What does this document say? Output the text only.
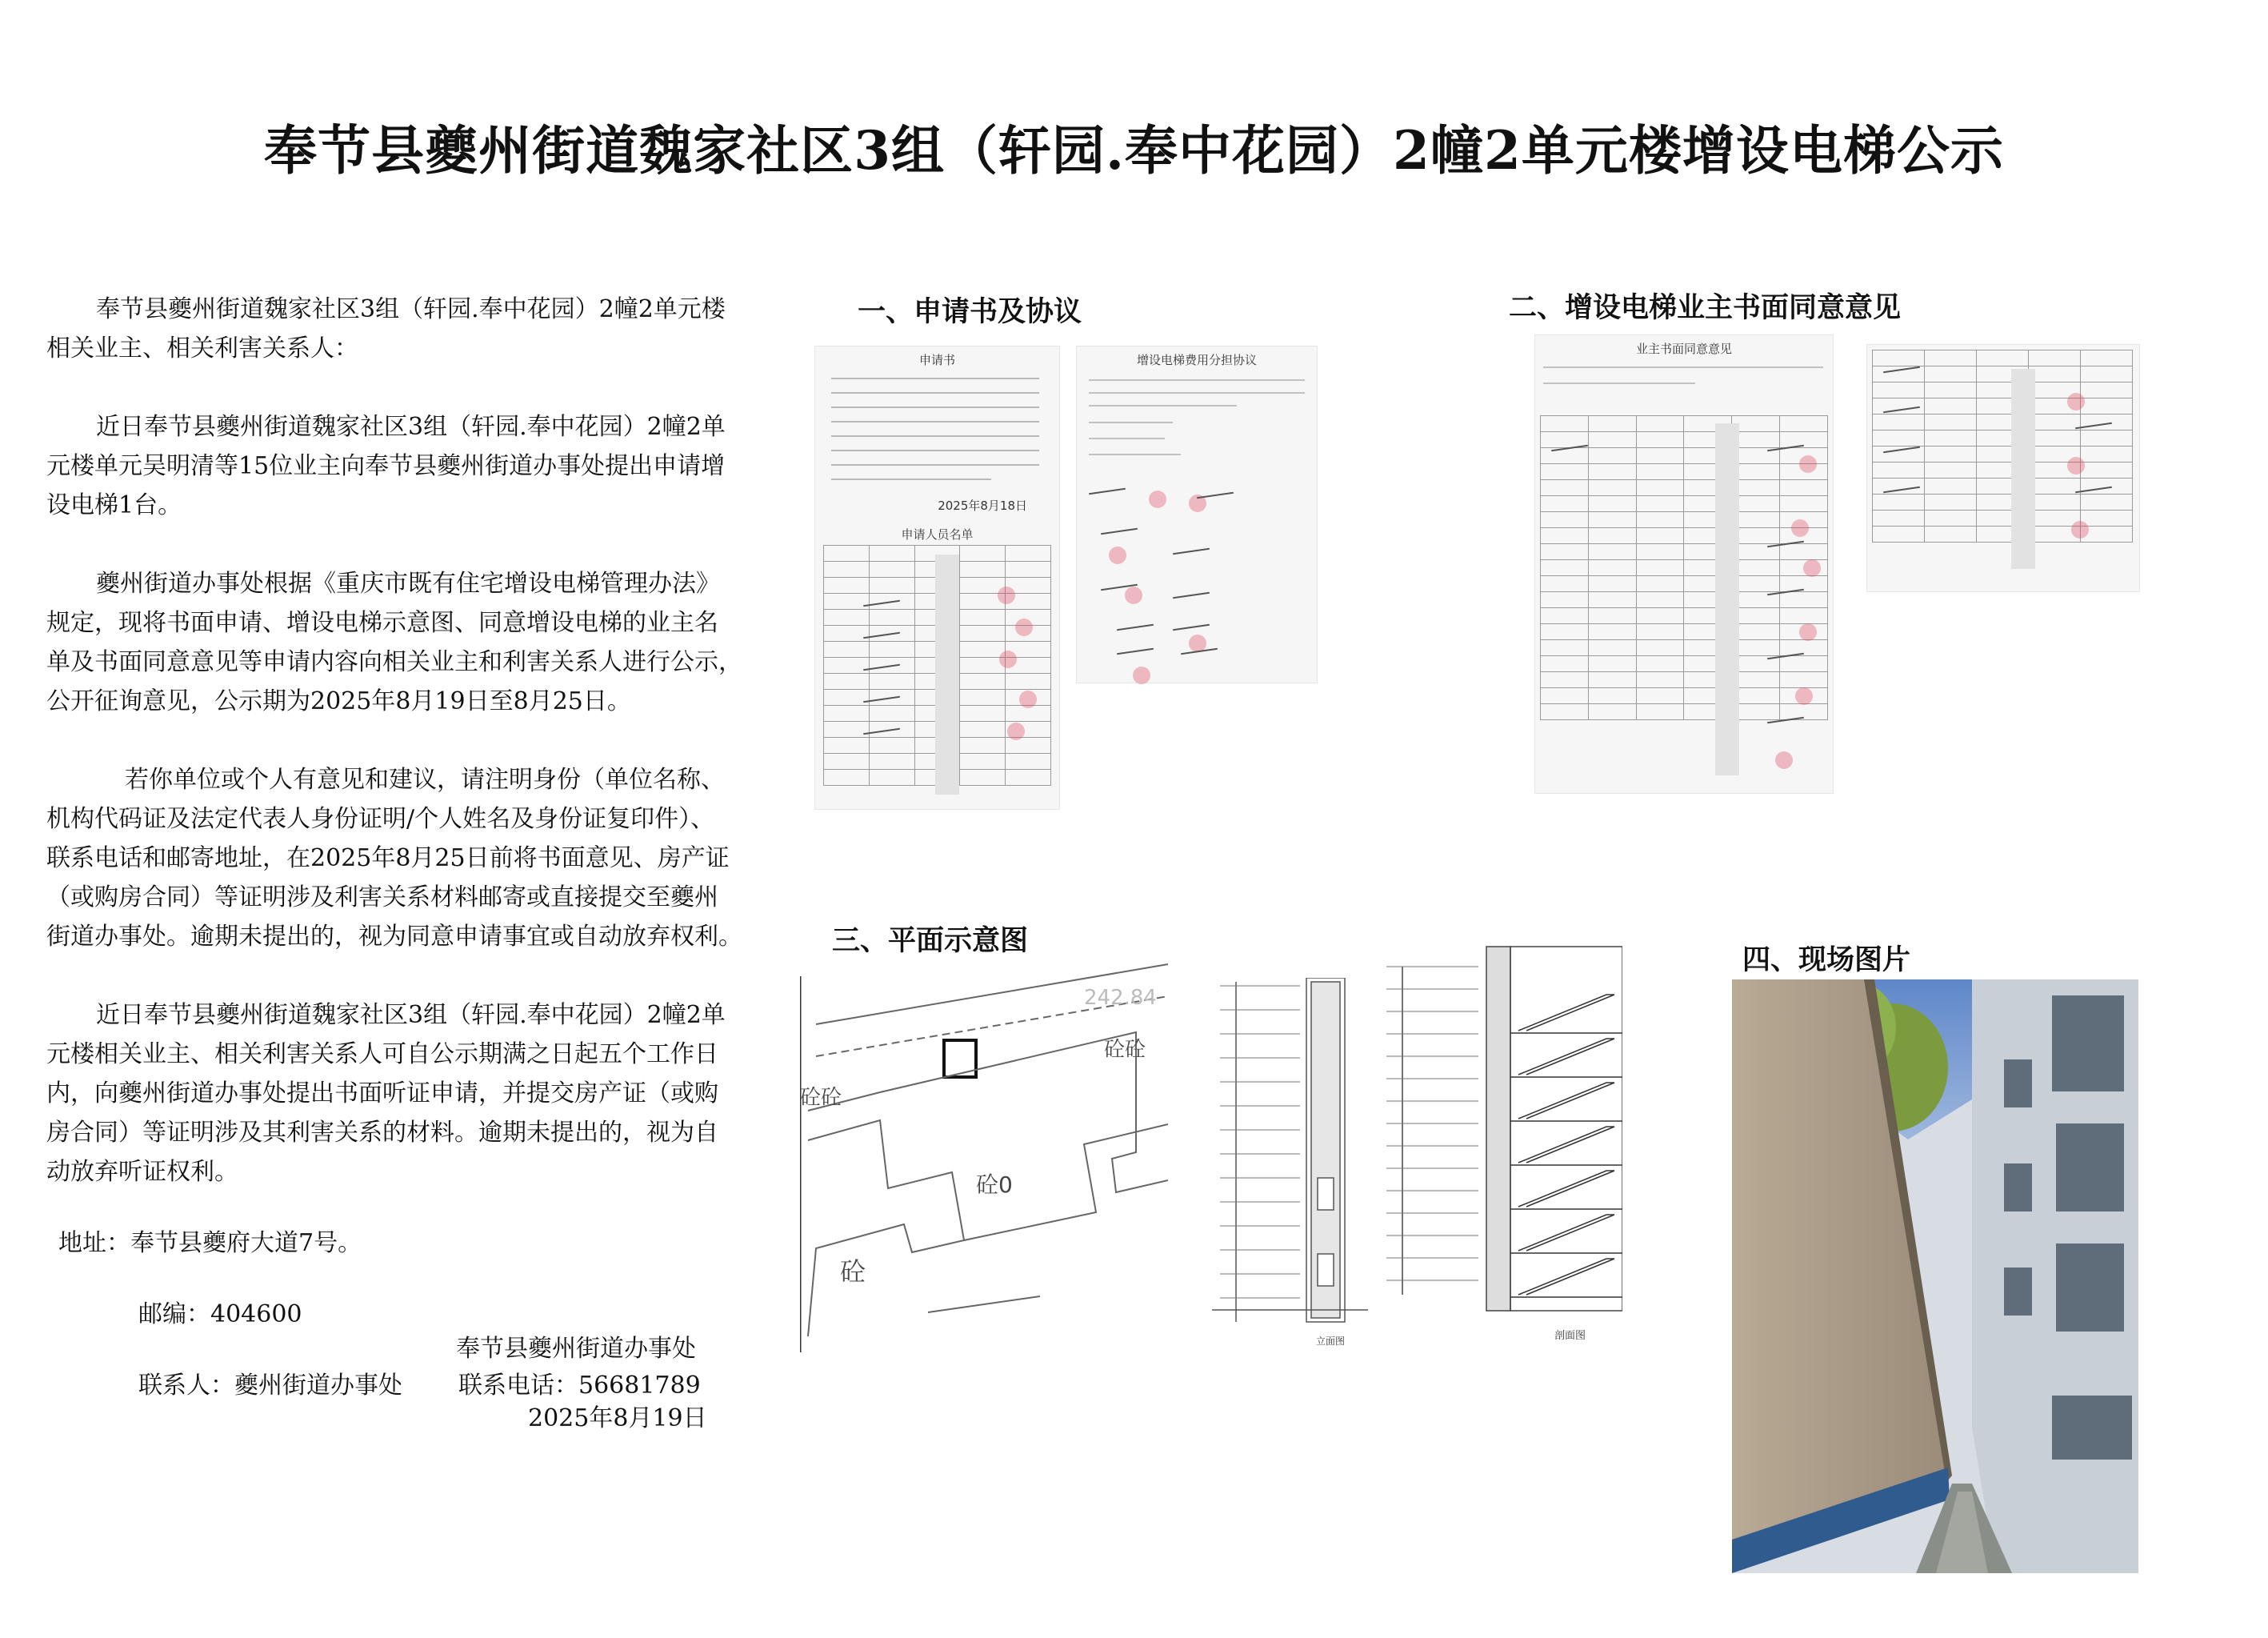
奉节县夔州街道魏家社区3组（轩园.奉中花园）2幢2单元楼增设电梯公示

奉节县夔州街道魏家社区3组（轩园.奉中花园）2幢2单元楼

相关业主、相关利害关系人：

近日奉节县夔州街道魏家社区3组（轩园.奉中花园）2幢2单

元楼单元吴明清等15位业主向奉节县夔州街道办事处提出申请增

设电梯1台。

夔州街道办事处根据《重庆市既有住宅增设电梯管理办法》

规定，现将书面申请、增设电梯示意图、同意增设电梯的业主名

单及书面同意意见等申请内容向相关业主和利害关系人进行公示，

公开征询意见，公示期为2025年8月19日至8月25日。

若你单位或个人有意见和建议，请注明身份（单位名称、

机构代码证及法定代表人身份证明/个人姓名及身份证复印件）、

联系电话和邮寄地址，在2025年8月25日前将书面意见、房产证

（或购房合同）等证明涉及利害关系材料邮寄或直接提交至夔州

街道办事处。逾期未提出的，视为同意申请事宜或自动放弃权利。

近日奉节县夔州街道魏家社区3组（轩园.奉中花园）2幢2单

元楼相关业主、相关利害关系人可自公示期满之日起五个工作日

内，向夔州街道办事处提出书面听证申请，并提交房产证（或购

房合同）等证明涉及其利害关系的材料。逾期未提出的，视为自

动放弃听证权利。

地址：奉节县夔府大道7号。

邮编：404600

联系人：夔州街道办事处 联系电话：56681789

奉节县夔州街道办事处
2025年8月19日
一、申请书及协议	二、增设电梯业主书面同意意见
三、平面示意图
四、现场图片
申请书
2025年8月18日
申请人员名单

增设电梯费用分担协议
业主书面同意意见

242.84
砼砼
砼砼
砼0
砼
立面图	剖面图
